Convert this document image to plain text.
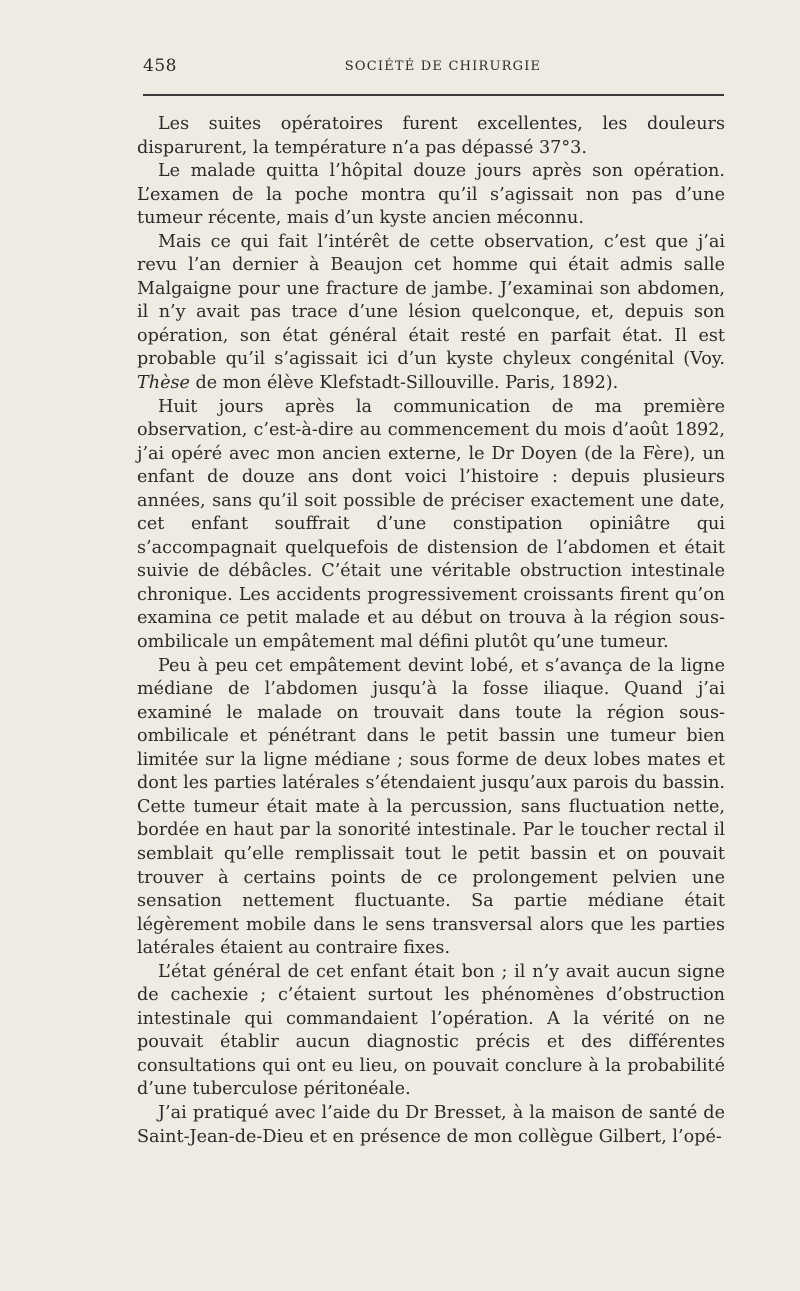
458	SOCIÉTÉ DE CHIRURGIE

Les suites opératoires furent excellentes, les douleurs disparurent, la température n’a pas dépassé 37°3.

Le malade quitta l’hôpital douze jours après son opération. L’examen de la poche montra qu’il s’agissait non pas d’une tumeur récente, mais d’un kyste ancien méconnu.

Mais ce qui fait l’intérêt de cette observation, c’est que j’ai revu l’an dernier à Beaujon cet homme qui était admis salle Malgaigne pour une fracture de jambe. J’examinai son abdomen, il n’y avait pas trace d’une lésion quelconque, et, depuis son opération, son état général était resté en parfait état. Il est probable qu’il s’agissait ici d’un kyste chyleux congénital (Voy. Thèse de mon élève Klefstadt-Sillouville. Paris, 1892).

Huit jours après la communication de ma première observation, c’est-à-dire au commencement du mois d’août 1892, j’ai opéré avec mon ancien externe, le Dr Doyen (de la Fère), un enfant de douze ans dont voici l’histoire : depuis plusieurs années, sans qu’il soit possible de préciser exactement une date, cet enfant souffrait d’une constipation opiniâtre qui s’accompagnait quelquefois de distension de l’abdomen et était suivie de débâcles. C’était une véritable obstruction intestinale chronique. Les accidents progressivement croissants firent qu’on examina ce petit malade et au début on trouva à la région sous-ombilicale un empâtement mal défini plutôt qu’une tumeur.

Peu à peu cet empâtement devint lobé, et s’avança de la ligne médiane de l’abdomen jusqu’à la fosse iliaque. Quand j’ai examiné le malade on trouvait dans toute la région sous-ombilicale et pénétrant dans le petit bassin une tumeur bien limitée sur la ligne médiane ; sous forme de deux lobes mates et dont les parties latérales s’étendaient jusqu’aux parois du bassin. Cette tumeur était mate à la percussion, sans fluctuation nette, bordée en haut par la sonorité intestinale. Par le toucher rectal il semblait qu’elle remplissait tout le petit bassin et on pouvait trouver à certains points de ce prolongement pelvien une sensation nettement fluctuante. Sa partie médiane était légèrement mobile dans le sens transversal alors que les parties latérales étaient au contraire fixes.

L’état général de cet enfant était bon ; il n’y avait aucun signe de cachexie ; c’étaient surtout les phénomènes d’obstruction intestinale qui commandaient l’opération. A la vérité on ne pouvait établir aucun diagnostic précis et des différentes consultations qui ont eu lieu, on pouvait conclure à la probabilité d’une tuberculose péritonéale.

J’ai pratiqué avec l’aide du Dr Bresset, à la maison de santé de Saint-Jean-de-Dieu et en présence de mon collègue Gilbert, l’opé-
